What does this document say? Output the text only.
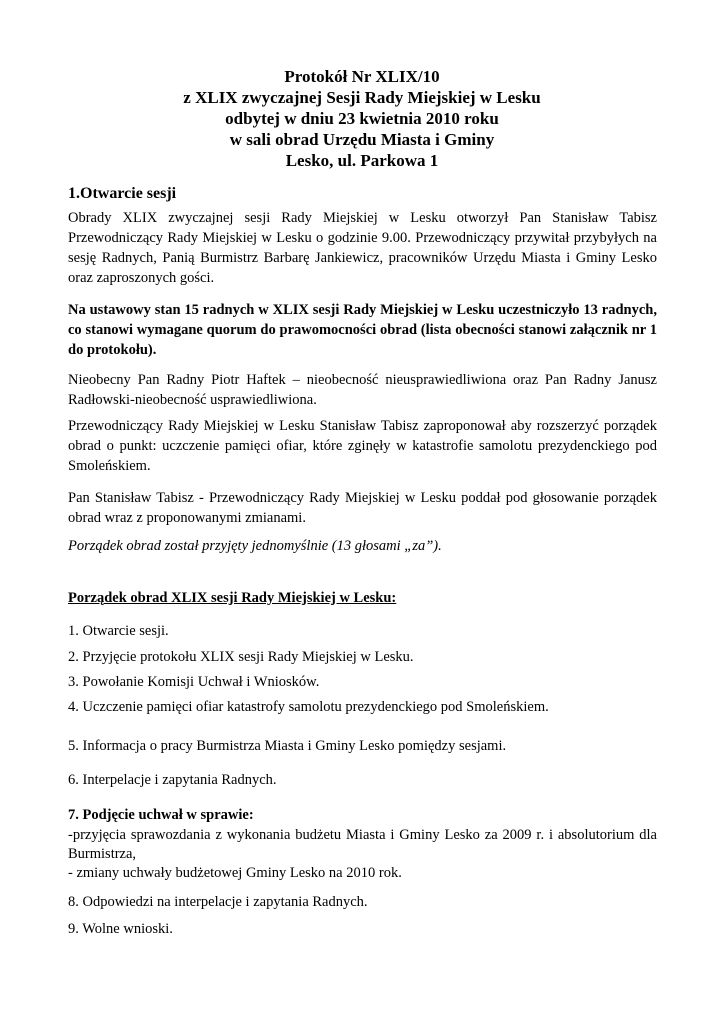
Protokół Nr XLIX/10
z XLIX zwyczajnej Sesji Rady Miejskiej w Lesku
odbytej w dniu 23 kwietnia 2010 roku
w sali obrad Urzędu Miasta i Gminy
Lesko, ul. Parkowa 1
1.Otwarcie sesji
Obrady XLIX zwyczajnej sesji Rady Miejskiej w Lesku otworzył Pan Stanisław Tabisz Przewodniczący Rady Miejskiej w Lesku o godzinie 9.00. Przewodniczący przywitał przybyłych na sesję Radnych, Panią Burmistrz Barbarę Jankiewicz, pracowników Urzędu Miasta i Gminy Lesko oraz zaproszonych gości.
Na ustawowy stan 15 radnych w XLIX sesji Rady Miejskiej w Lesku uczestniczyło 13 radnych, co stanowi wymagane quorum do prawomocności obrad (lista obecności stanowi załącznik nr 1 do protokołu).
Nieobecny Pan Radny Piotr Haftek – nieobecność nieusprawiedliwiona oraz Pan Radny Janusz Radłowski-nieobecność usprawiedliwiona.
Przewodniczący Rady Miejskiej w Lesku Stanisław Tabisz zaproponował aby rozszerzyć porządek obrad o punkt: uczczenie pamięci ofiar, które zginęły w katastrofie samolotu prezydenckiego pod Smoleńskiem.
Pan Stanisław Tabisz - Przewodniczący Rady Miejskiej w Lesku poddał pod głosowanie porządek obrad wraz z proponowanymi zmianami.
Porządek obrad został przyjęty jednomyślnie (13 głosami „za”).
Porządek obrad XLIX sesji Rady Miejskiej w Lesku:
1. Otwarcie sesji.
2. Przyjęcie protokołu XLIX sesji Rady Miejskiej w Lesku.
3. Powołanie Komisji Uchwał i Wniosków.
4. Uczczenie pamięci ofiar katastrofy samolotu prezydenckiego pod Smoleńskiem.
5. Informacja o pracy Burmistrza Miasta i Gminy Lesko pomiędzy sesjami.
6. Interpelacje i zapytania Radnych.
7. Podjęcie uchwał w sprawie:
-przyjęcia sprawozdania z wykonania budżetu Miasta i Gminy Lesko za 2009 r. i absolutorium dla Burmistrza,
- zmiany uchwały budżetowej Gminy Lesko na 2010 rok.
8. Odpowiedzi na interpelacje i zapytania Radnych.
9. Wolne wnioski.
